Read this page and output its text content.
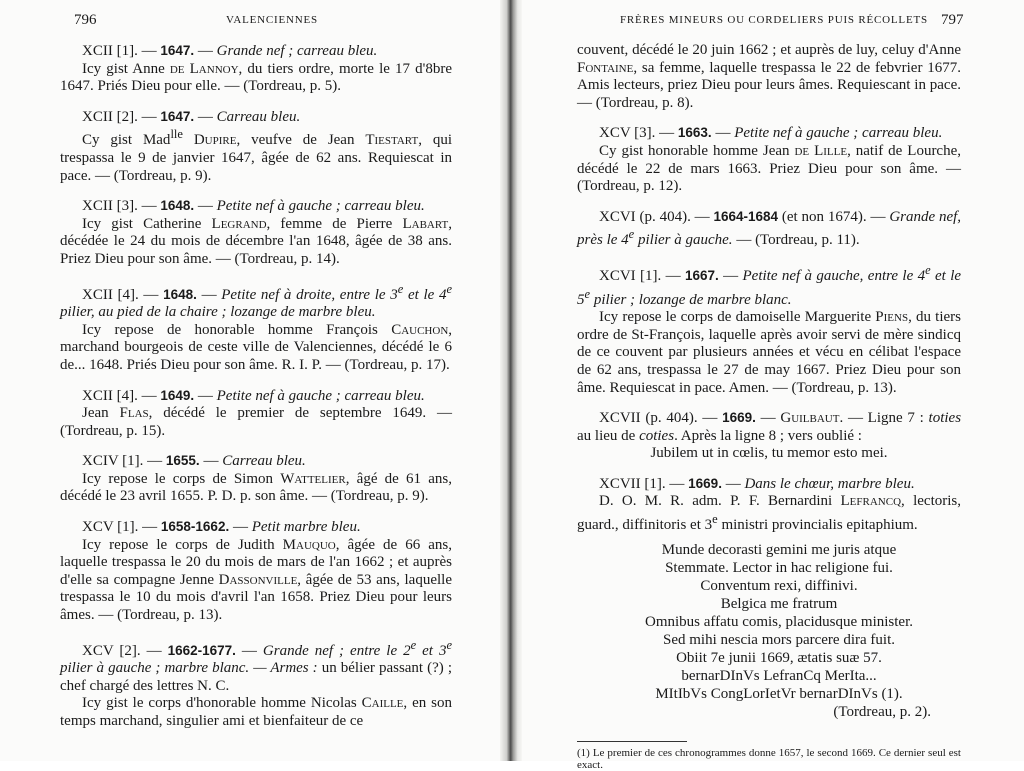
796	VALENCIENNES

XCII [1]. — 1647. — Grande nef ; carreau bleu.

Icy gist Anne de Lannoy, du tiers ordre, morte le 17 d'8bre 1647. Priés Dieu pour elle. — (Tordreau, p. 5).

XCII [2]. — 1647. — Carreau bleu.

Cy gist Mad$^{lle}$ Dupire, veufve de Jean Tiestart, qui trespassa le 9 de janvier 1647, âgée de 62 ans. Requiescat in pace. — (Tordreau, p. 9).

XCII [3]. — 1648. — Petite nef à gauche ; carreau bleu.

Icy gist Catherine Legrand, femme de Pierre Labart, décédée le 24 du mois de décembre l'an 1648, âgée de 38 ans. Priez Dieu pour son âme. — (Tordreau, p. 14).

XCII [4]. — 1648. — Petite nef à droite, entre le 3e et le 4e pilier, au pied de la chaire ; lozange de marbre bleu.

Icy repose de honorable homme François Cauchon, marchand bourgeois de ceste ville de Valenciennes, décédé le 6 de... 1648. Priés Dieu pour son âme. R. I. P. — (Tordreau, p. 17).

XCII [4]. — 1649. — Petite nef à gauche ; carreau bleu.

Jean Flas, décédé le premier de septembre 1649. — (Tordreau, p. 15).

XCIV [1]. — 1655. — Carreau bleu.

Icy repose le corps de Simon Wattelier, âgé de 61 ans, décédé le 23 avril 1655. P. D. p. son âme. — (Tordreau, p. 9).

XCV [1]. — 1658-1662. — Petit marbre bleu.

Icy repose le corps de Judith Mauquo, âgée de 66 ans, laquelle trespassa le 20 du mois de mars de l'an 1662 ; et auprès d'elle sa compagne Jenne Dassonville, âgée de 53 ans, laquelle trespassa le 10 du mois d'avril l'an 1658. Priez Dieu pour leurs âmes. — (Tordreau, p. 13).

XCV [2]. — 1662-1677. — Grande nef ; entre le 2e et 3e pilier à gauche ; marbre blanc. — Armes : un bélier passant (?) ; chef chargé des lettres N. C.

Icy gist le corps d'honorable homme Nicolas Caille, en son temps marchand, singulier ami et bienfaiteur de ce

FRÈRES MINEURS OU CORDELIERS PUIS RÉCOLLETS 797

couvent, décédé le 20 juin 1662 ; et auprès de luy, celuy d'Anne Fontaine, sa femme, laquelle trespassa le 22 de febvrier 1677. Amis lecteurs, priez Dieu pour leurs âmes. Requiescant in pace. — (Tordreau, p. 8).

XCV [3]. — 1663. — Petite nef à gauche ; carreau bleu.

Cy gist honorable homme Jean de Lille, natif de Lourche, décédé le 22 de mars 1663. Priez Dieu pour son âme. — (Tordreau, p. 12).

XCVI (p. 404). — 1664-1684 (et non 1674). — Grande nef, près le 4e pilier à gauche. — (Tordreau, p. 11).

XCVI [1]. — 1667. — Petite nef à gauche, entre le 4e et le 5e pilier ; lozange de marbre blanc.

Icy repose le corps de damoiselle Marguerite Piens, du tiers ordre de St-François, laquelle après avoir servi de mère sindicq de ce couvent par plusieurs années et vécu en célibat l'espace de 62 ans, trespassa le 27 de may 1667. Priez Dieu pour son âme. Requiescat in pace. Amen. — (Tordreau, p. 13).

XCVII (p. 404). — 1669. — Guilbaut. — Ligne 7 : toties au lieu de coties. Après la ligne 8 ; vers oublié :

Jubilem ut in cœlis, tu memor esto mei.

XCVII [1]. — 1669. — Dans le chœur, marbre bleu.

D. O. M. R. adm. P. F. Bernardini Lefrancq, lectoris, guard., diffinitoris et 3e ministri provincialis epitaphium.

Munde decorasti gemini me juris atque
Stemmate. Lector in hac religione fui.
Conventum rexi, diffinivi.
Belgica me fratrum
Omnibus affatu comis, placidusque minister.
Sed mihi nescia mors parcere dira fuit.
Obiit 7e junii 1669, ætatis suæ 57.
bernarDInVs LefranCq MerIta...
MItIbVs CongLorIetVr bernarDInVs (1).
(Tordreau, p. 2).
(1) Le premier de ces chronogrammes donne 1657, le second 1669. Ce dernier seul est exact.
